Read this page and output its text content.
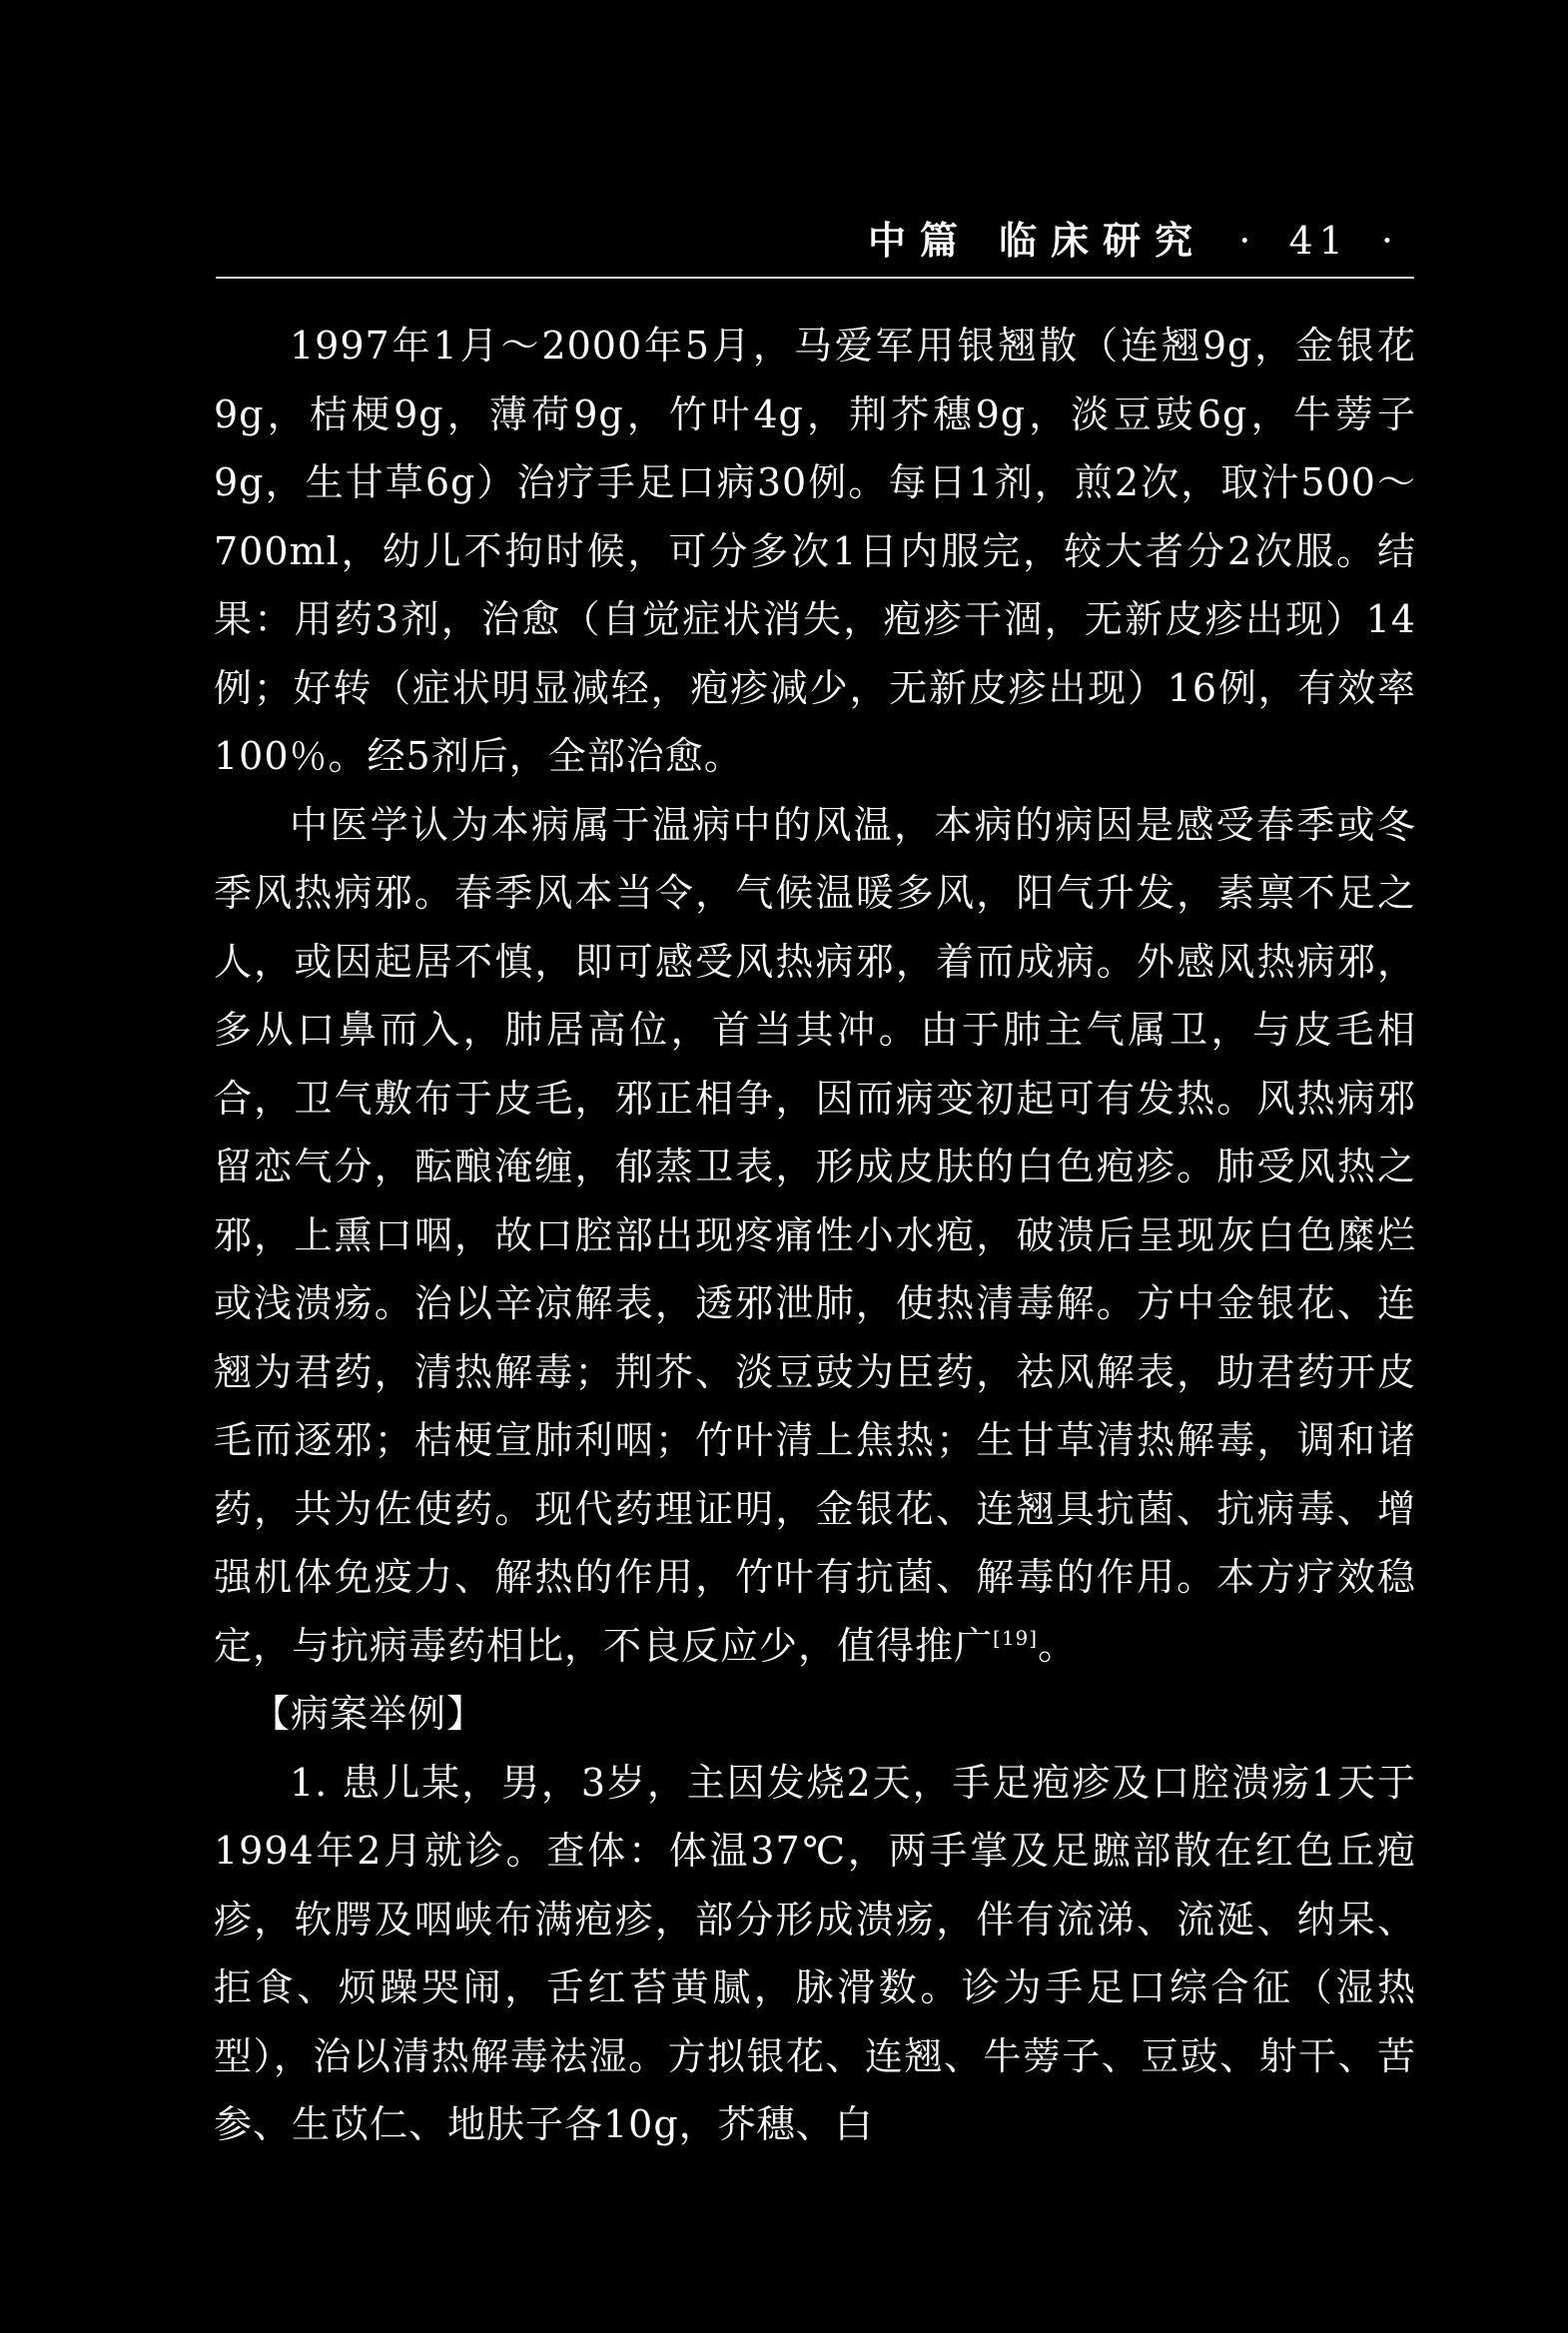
中篇 临床研究 · 41 ·

1997年1月～2000年5月，马爱军用银翘散（连翘9g，金银花9g，桔梗9g，薄荷9g，竹叶4g，荆芥穗9g，淡豆豉6g，牛蒡子9g，生甘草6g）治疗手足口病30例。每日1剂，煎2次，取汁500～700ml，幼儿不拘时候，可分多次1日内服完，较大者分2次服。结果：用药3剂，治愈（自觉症状消失，疱疹干涸，无新皮疹出现）14例；好转（症状明显减轻，疱疹减少，无新皮疹出现）16例，有效率100％。经5剂后，全部治愈。

中医学认为本病属于温病中的风温，本病的病因是感受春季或冬季风热病邪。春季风本当令，气候温暖多风，阳气升发，素禀不足之人，或因起居不慎，即可感受风热病邪，着而成病。外感风热病邪，多从口鼻而入，肺居高位，首当其冲。由于肺主气属卫，与皮毛相合，卫气敷布于皮毛，邪正相争，因而病变初起可有发热。风热病邪留恋气分，酝酿淹缠，郁蒸卫表，形成皮肤的白色疱疹。肺受风热之邪，上熏口咽，故口腔部出现疼痛性小水疱，破溃后呈现灰白色糜烂或浅溃疡。治以辛凉解表，透邪泄肺，使热清毒解。方中金银花、连翘为君药，清热解毒；荆芥、淡豆豉为臣药，祛风解表，助君药开皮毛而逐邪；桔梗宣肺利咽；竹叶清上焦热；生甘草清热解毒，调和诸药，共为佐使药。现代药理证明，金银花、连翘具抗菌、抗病毒、增强机体免疫力、解热的作用，竹叶有抗菌、解毒的作用。本方疗效稳定，与抗病毒药相比，不良反应少，值得推广[19]。

【病案举例】

1. 患儿某，男，3岁，主因发烧2天，手足疱疹及口腔溃疡1天于1994年2月就诊。查体：体温37℃，两手掌及足蹠部散在红色丘疱疹，软腭及咽峡布满疱疹，部分形成溃疡，伴有流涕、流涎、纳呆、拒食、烦躁哭闹，舌红苔黄腻，脉滑数。诊为手足口综合征（湿热型），治以清热解毒祛湿。方拟银花、连翘、牛蒡子、豆豉、射干、苦参、生苡仁、地肤子各10g，芥穗、白
